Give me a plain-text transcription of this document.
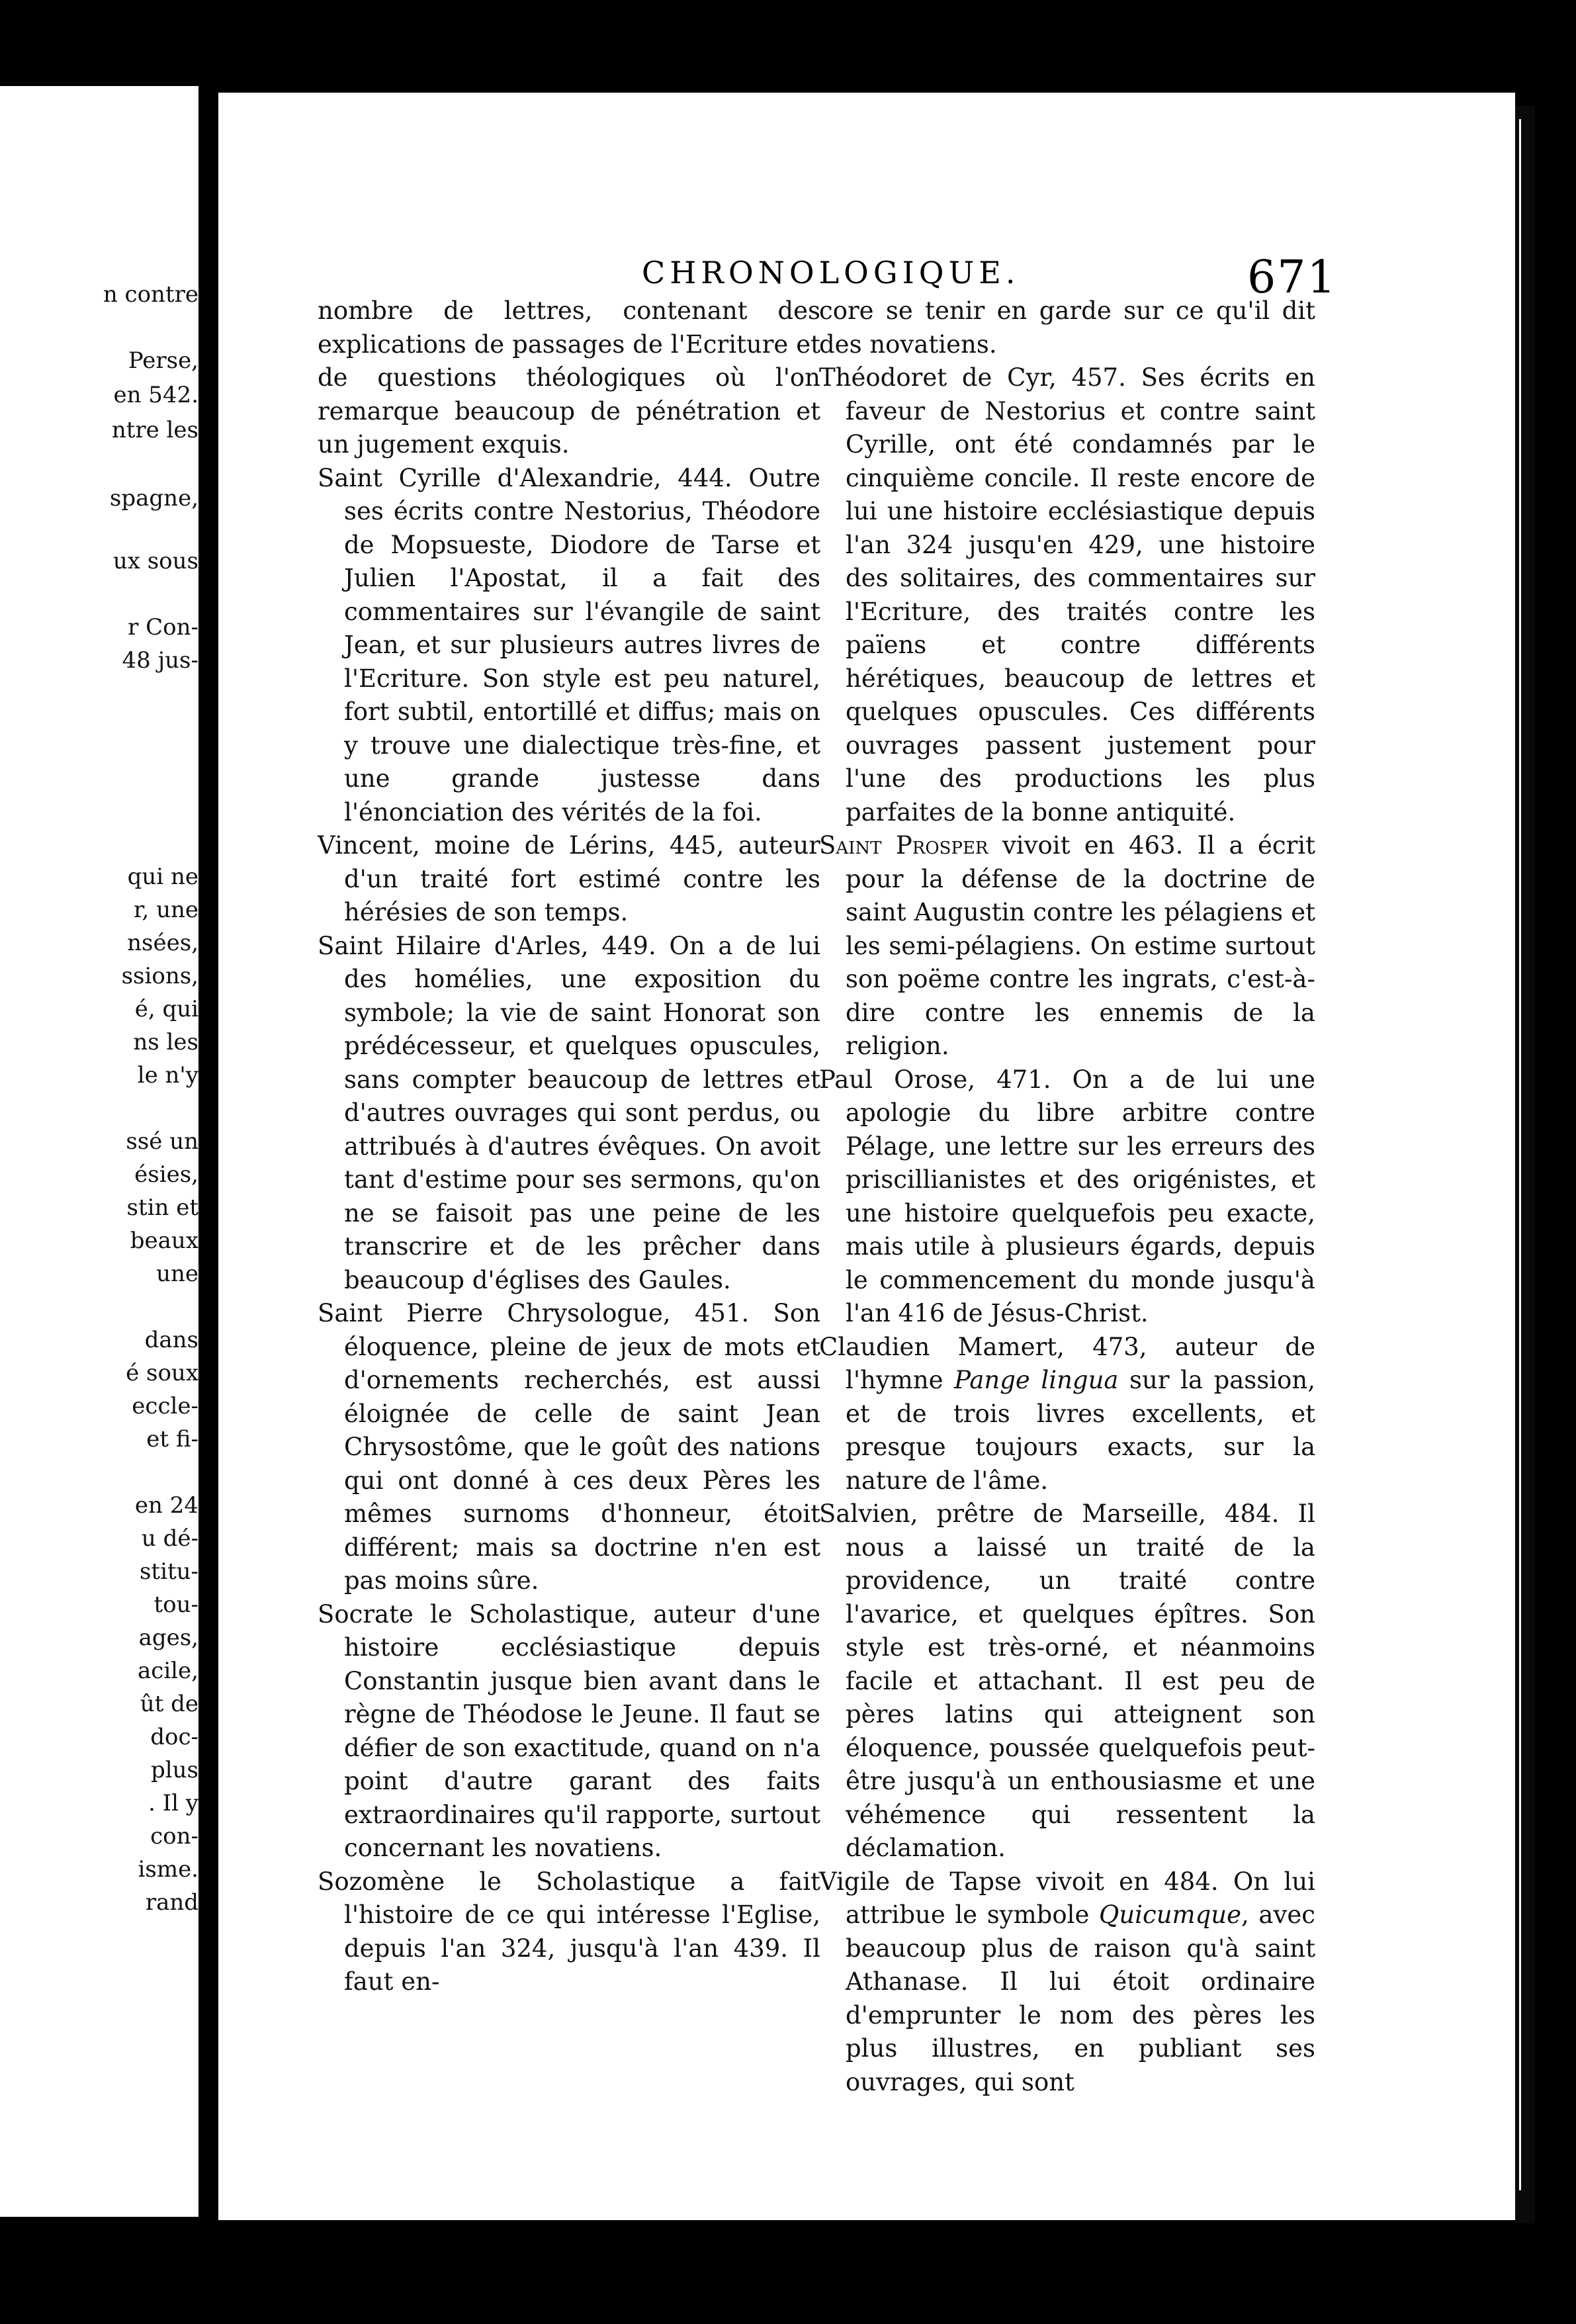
n contre
Perse,
en 542.
ntre les
spagne,
ux sous
r Con-
48 jus-
qui ne
r, une
nsées,
ssions,
é, qui
ns les
le n'y
ssé un
ésies,
stin et
beaux
une
dans
é soux
eccle-
et fi-
en 24
u dé-
stitu-
tou-
ages,
acile,
ût de
doc-
plus
. Il y
con-
isme.
rand
CHRONOLOGIQUE.	671

nombre de lettres, contenant des explications de passages de l'Ecriture et de questions théologiques où l'on remarque beaucoup de pénétration et un jugement exquis.

Saint Cyrille d'Alexandrie, 444. Outre ses écrits contre Nestorius, Théodore de Mopsueste, Diodore de Tarse et Julien l'Apostat, il a fait des commentaires sur l'évangile de saint Jean, et sur plusieurs autres livres de l'Ecriture. Son style est peu naturel, fort subtil, entortillé et diffus; mais on y trouve une dialectique très-fine, et une grande justesse dans l'énonciation des vérités de la foi.

Vincent, moine de Lérins, 445, auteur d'un traité fort estimé contre les hérésies de son temps.

Saint Hilaire d'Arles, 449. On a de lui des homélies, une exposition du symbole; la vie de saint Honorat son prédécesseur, et quelques opuscules, sans compter beaucoup de lettres et d'autres ouvrages qui sont perdus, ou attribués à d'autres évêques. On avoit tant d'estime pour ses sermons, qu'on ne se faisoit pas une peine de les transcrire et de les prêcher dans beaucoup d'églises des Gaules.

Saint Pierre Chrysologue, 451. Son éloquence, pleine de jeux de mots et d'ornements recherchés, est aussi éloignée de celle de saint Jean Chrysostôme, que le goût des nations qui ont donné à ces deux Pères les mêmes surnoms d'honneur, étoit différent; mais sa doctrine n'en est pas moins sûre.

Socrate le Scholastique, auteur d'une histoire ecclésiastique depuis Constantin jusque bien avant dans le règne de Théodose le Jeune. Il faut se défier de son exactitude, quand on n'a point d'autre garant des faits extraordinaires qu'il rapporte, surtout concernant les novatiens.

Sozomène le Scholastique a fait l'histoire de ce qui intéresse l'Eglise, depuis l'an 324, jusqu'à l'an 439. Il faut en-

core se tenir en garde sur ce qu'il dit des novatiens.

Théodoret de Cyr, 457. Ses écrits en faveur de Nestorius et contre saint Cyrille, ont été condamnés par le cinquième concile. Il reste encore de lui une histoire ecclésiastique depuis l'an 324 jusqu'en 429, une histoire des solitaires, des commentaires sur l'Ecriture, des traités contre les païens et contre différents hérétiques, beaucoup de lettres et quelques opuscules. Ces différents ouvrages passent justement pour l'une des productions les plus parfaites de la bonne antiquité.

Saint Prosper vivoit en 463. Il a écrit pour la défense de la doctrine de saint Augustin contre les pélagiens et les semi-pélagiens. On estime surtout son poëme contre les ingrats, c'est-à-dire contre les ennemis de la religion.

Paul Orose, 471. On a de lui une apologie du libre arbitre contre Pélage, une lettre sur les erreurs des priscillianistes et des origénistes, et une histoire quelquefois peu exacte, mais utile à plusieurs égards, depuis le commencement du monde jusqu'à l'an 416 de Jésus-Christ.

Claudien Mamert, 473, auteur de l'hymne Pange lingua sur la passion, et de trois livres excellents, et presque toujours exacts, sur la nature de l'âme.

Salvien, prêtre de Marseille, 484. Il nous a laissé un traité de la providence, un traité contre l'avarice, et quelques épîtres. Son style est très-orné, et néanmoins facile et attachant. Il est peu de pères latins qui atteignent son éloquence, poussée quelquefois peut-être jusqu'à un enthousiasme et une véhémence qui ressentent la déclamation.

Vigile de Tapse vivoit en 484. On lui attribue le symbole Quicumque, avec beaucoup plus de raison qu'à saint Athanase. Il lui étoit ordinaire d'emprunter le nom des pères les plus illustres, en publiant ses ouvrages, qui sont
